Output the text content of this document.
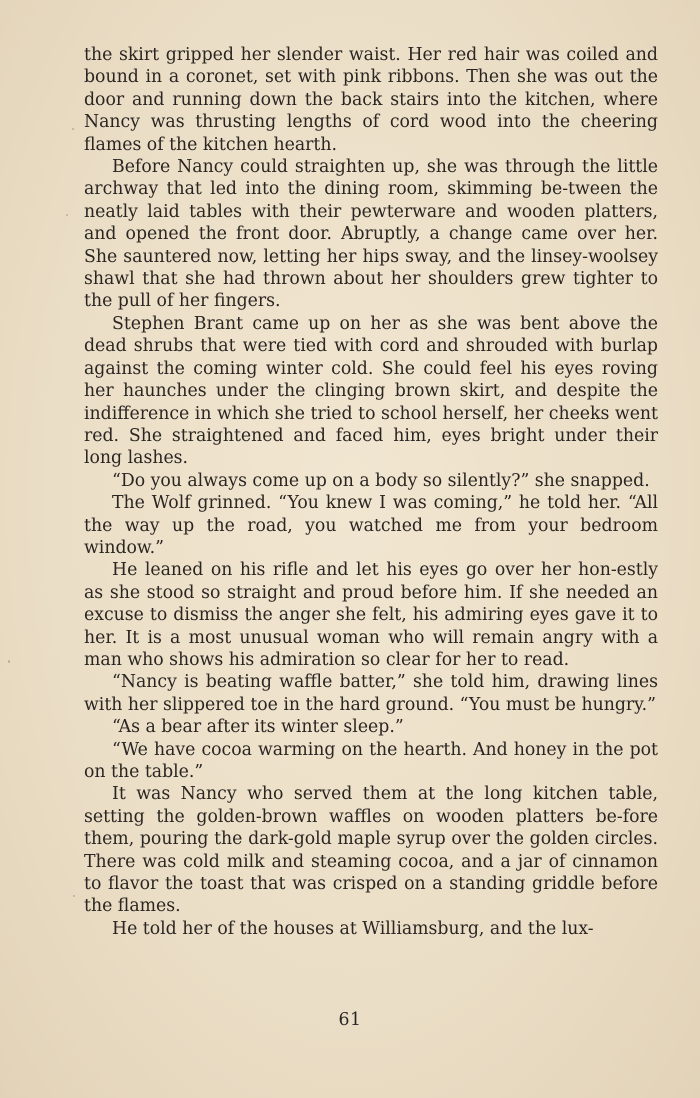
the skirt gripped her slender waist. Her red hair was coiled and bound in a coronet, set with pink ribbons. Then she was out the door and running down the back stairs into the kitchen, where Nancy was thrusting lengths of cord wood into the cheering flames of the kitchen hearth.

Before Nancy could straighten up, she was through the little archway that led into the dining room, skimming be-tween the neatly laid tables with their pewterware and wooden platters, and opened the front door. Abruptly, a change came over her. She sauntered now, letting her hips sway, and the linsey-woolsey shawl that she had thrown about her shoulders grew tighter to the pull of her fingers.

Stephen Brant came up on her as she was bent above the dead shrubs that were tied with cord and shrouded with burlap against the coming winter cold. She could feel his eyes roving her haunches under the clinging brown skirt, and despite the indifference in which she tried to school herself, her cheeks went red. She straightened and faced him, eyes bright under their long lashes.

“Do you always come up on a body so silently?” she snapped.

The Wolf grinned. “You knew I was coming,” he told her. “All the way up the road, you watched me from your bedroom window.”

He leaned on his rifle and let his eyes go over her hon-estly as she stood so straight and proud before him. If she needed an excuse to dismiss the anger she felt, his admiring eyes gave it to her. It is a most unusual woman who will remain angry with a man who shows his admiration so clear for her to read.

“Nancy is beating waffle batter,” she told him, drawing lines with her slippered toe in the hard ground. “You must be hungry.”

“As a bear after its winter sleep.”

“We have cocoa warming on the hearth. And honey in the pot on the table.”

It was Nancy who served them at the long kitchen table, setting the golden-brown waffles on wooden platters be-fore them, pouring the dark-gold maple syrup over the golden circles. There was cold milk and steaming cocoa, and a jar of cinnamon to flavor the toast that was crisped on a standing griddle before the flames.

He told her of the houses at Williamsburg, and the lux-

61
